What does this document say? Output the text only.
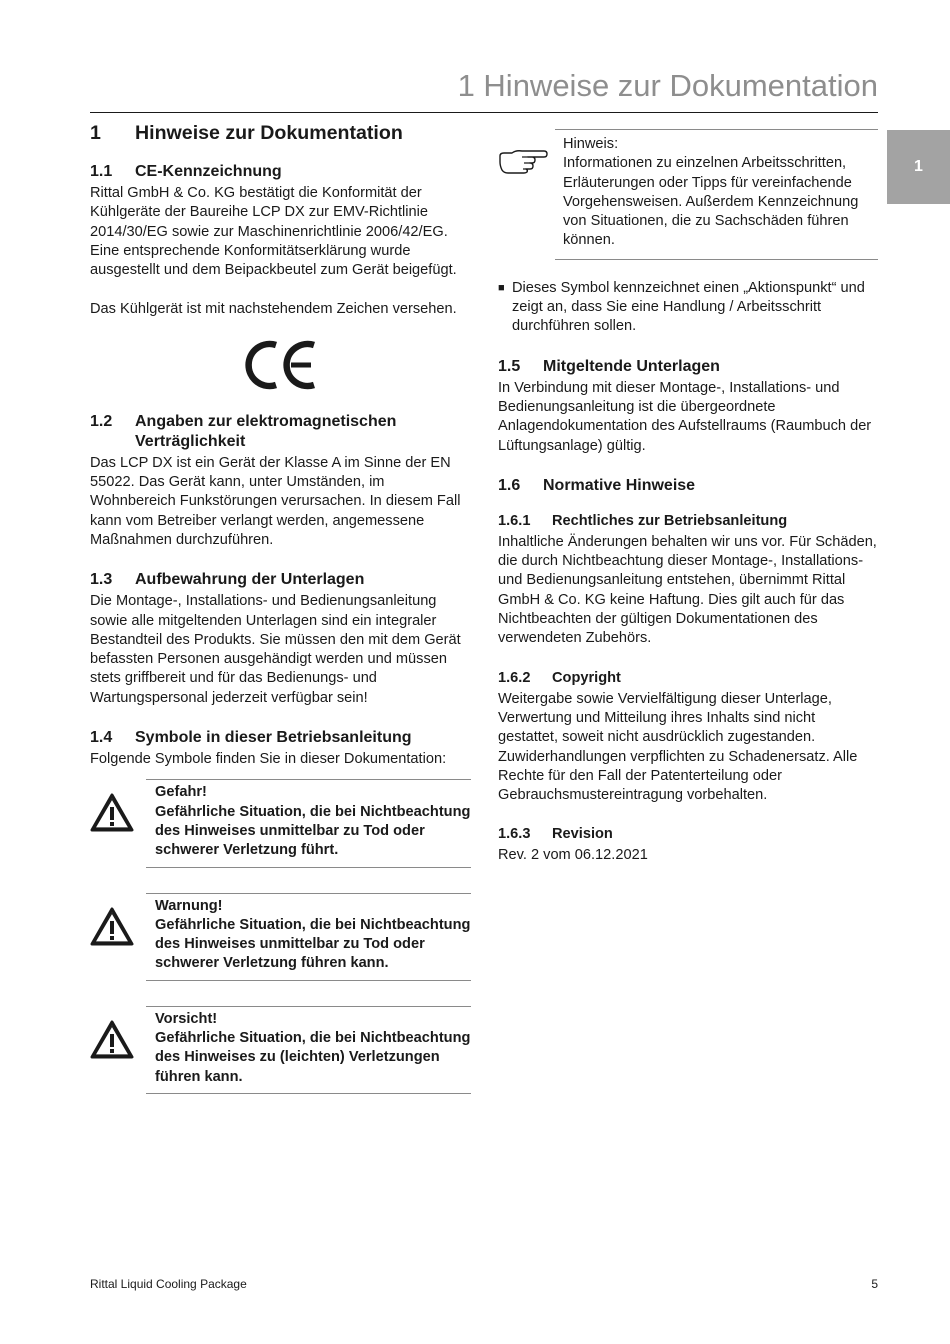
1 Hinweise zur Dokumentation
1
1	Hinweise zur Dokumentation
1.1	CE-Kennzeichnung

Rittal GmbH & Co. KG bestätigt die Konformität der Kühlgeräte der Baureihe LCP DX zur EMV-Richtlinie 2014/30/EG sowie zur Maschinenrichtlinie 2006/42/EG. Eine entsprechende Konformitätserklärung wurde ausgestellt und dem Beipackbeutel zum Gerät beigefügt.

Das Kühlgerät ist mit nachstehendem Zeichen versehen.

1.2	Angaben zur elektromagnetischen Verträglichkeit

Das LCP DX ist ein Gerät der Klasse A im Sinne der EN 55022. Das Gerät kann, unter Umständen, im Wohnbereich Funkstörungen verursachen. In diesem Fall kann vom Betreiber verlangt werden, angemessene Maßnahmen durchzuführen.

1.3	Aufbewahrung der Unterlagen

Die Montage-, Installations- und Bedienungsanleitung sowie alle mitgeltenden Unterlagen sind ein integraler Bestandteil des Produkts. Sie müssen den mit dem Gerät befassten Personen ausgehändigt werden und müssen stets griffbereit und für das Bedienungs- und Wartungspersonal jederzeit verfügbar sein!

1.4	Symbole in dieser Betriebsanleitung

Folgende Symbole finden Sie in dieser Dokumentation:

Gefahr!

Gefährliche Situation, die bei Nichtbeachtung des Hinweises unmittelbar zu Tod oder schwerer Verletzung führt.

Warnung!

Gefährliche Situation, die bei Nichtbeachtung des Hinweises unmittelbar zu Tod oder schwerer Verletzung führen kann.

Vorsicht!

Gefährliche Situation, die bei Nichtbeachtung des Hinweises zu (leichten) Verletzungen führen kann.

Hinweis:

Informationen zu einzelnen Arbeitsschritten, Erläuterungen oder Tipps für vereinfachende Vorgehensweisen. Außerdem Kennzeichnung von Situationen, die zu Sachschäden führen können.

■ Dieses Symbol kennzeichnet einen „Aktionspunkt“ und zeigt an, dass Sie eine Handlung / Arbeitsschritt durchführen sollen.

1.5	Mitgeltende Unterlagen

In Verbindung mit dieser Montage-, Installations- und Bedienungsanleitung ist die übergeordnete Anlagendokumentation des Aufstellraums (Raumbuch der Lüftungsanlage) gültig.

1.6	Normative Hinweise
1.6.1	Rechtliches zur Betriebsanleitung

Inhaltliche Änderungen behalten wir uns vor. Für Schäden, die durch Nichtbeachtung dieser Montage-, Installations- und Bedienungsanleitung entstehen, übernimmt Rittal GmbH & Co. KG keine Haftung. Dies gilt auch für das Nichtbeachten der gültigen Dokumentationen des verwendeten Zubehörs.

1.6.2	Copyright

Weitergabe sowie Vervielfältigung dieser Unterlage, Verwertung und Mitteilung ihres Inhalts sind nicht gestattet, soweit nicht ausdrücklich zugestanden.

Zuwiderhandlungen verpflichten zu Schadenersatz. Alle Rechte für den Fall der Patenterteilung oder Gebrauchsmustereintragung vorbehalten.

1.6.3	Revision

Rev. 2 vom 06.12.2021

Rittal Liquid Cooling Package	5
